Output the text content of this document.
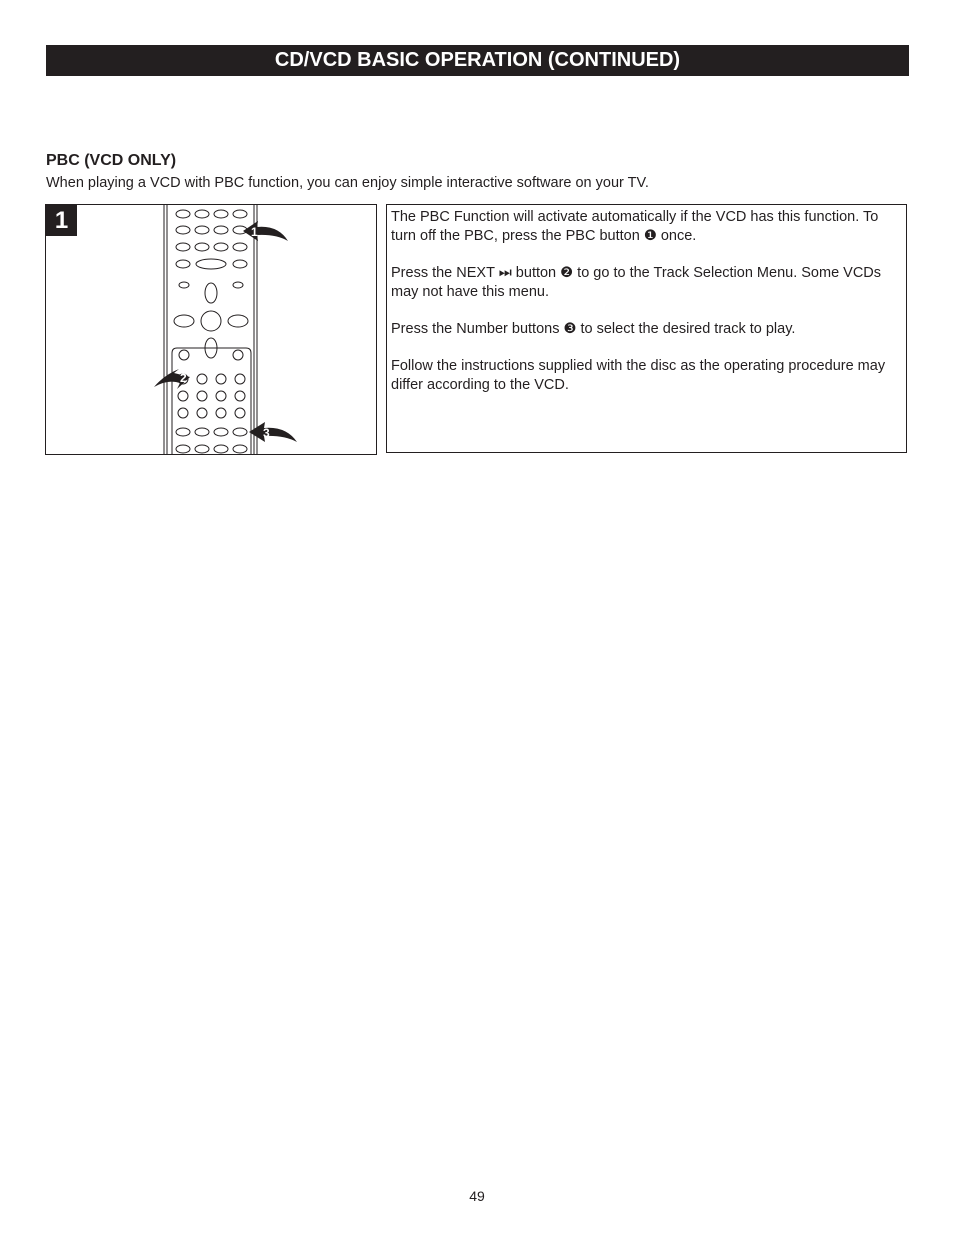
CD/VCD BASIC OPERATION (CONTINUED)
PBC (VCD ONLY)
When playing a VCD with PBC function, you can enjoy simple interactive software on your TV.
1	1
2
3

The PBC Function will activate automatically if the VCD has this function. To turn off the PBC, press the PBC button ❶ once.

Press the NEXT ⏭ button ❷ to go to the Track Selection Menu. Some VCDs may not have this menu.

Press the Number buttons ❸ to select the desired track to play.

Follow the instructions supplied with the disc as the operating procedure may differ according to the VCD.

49
